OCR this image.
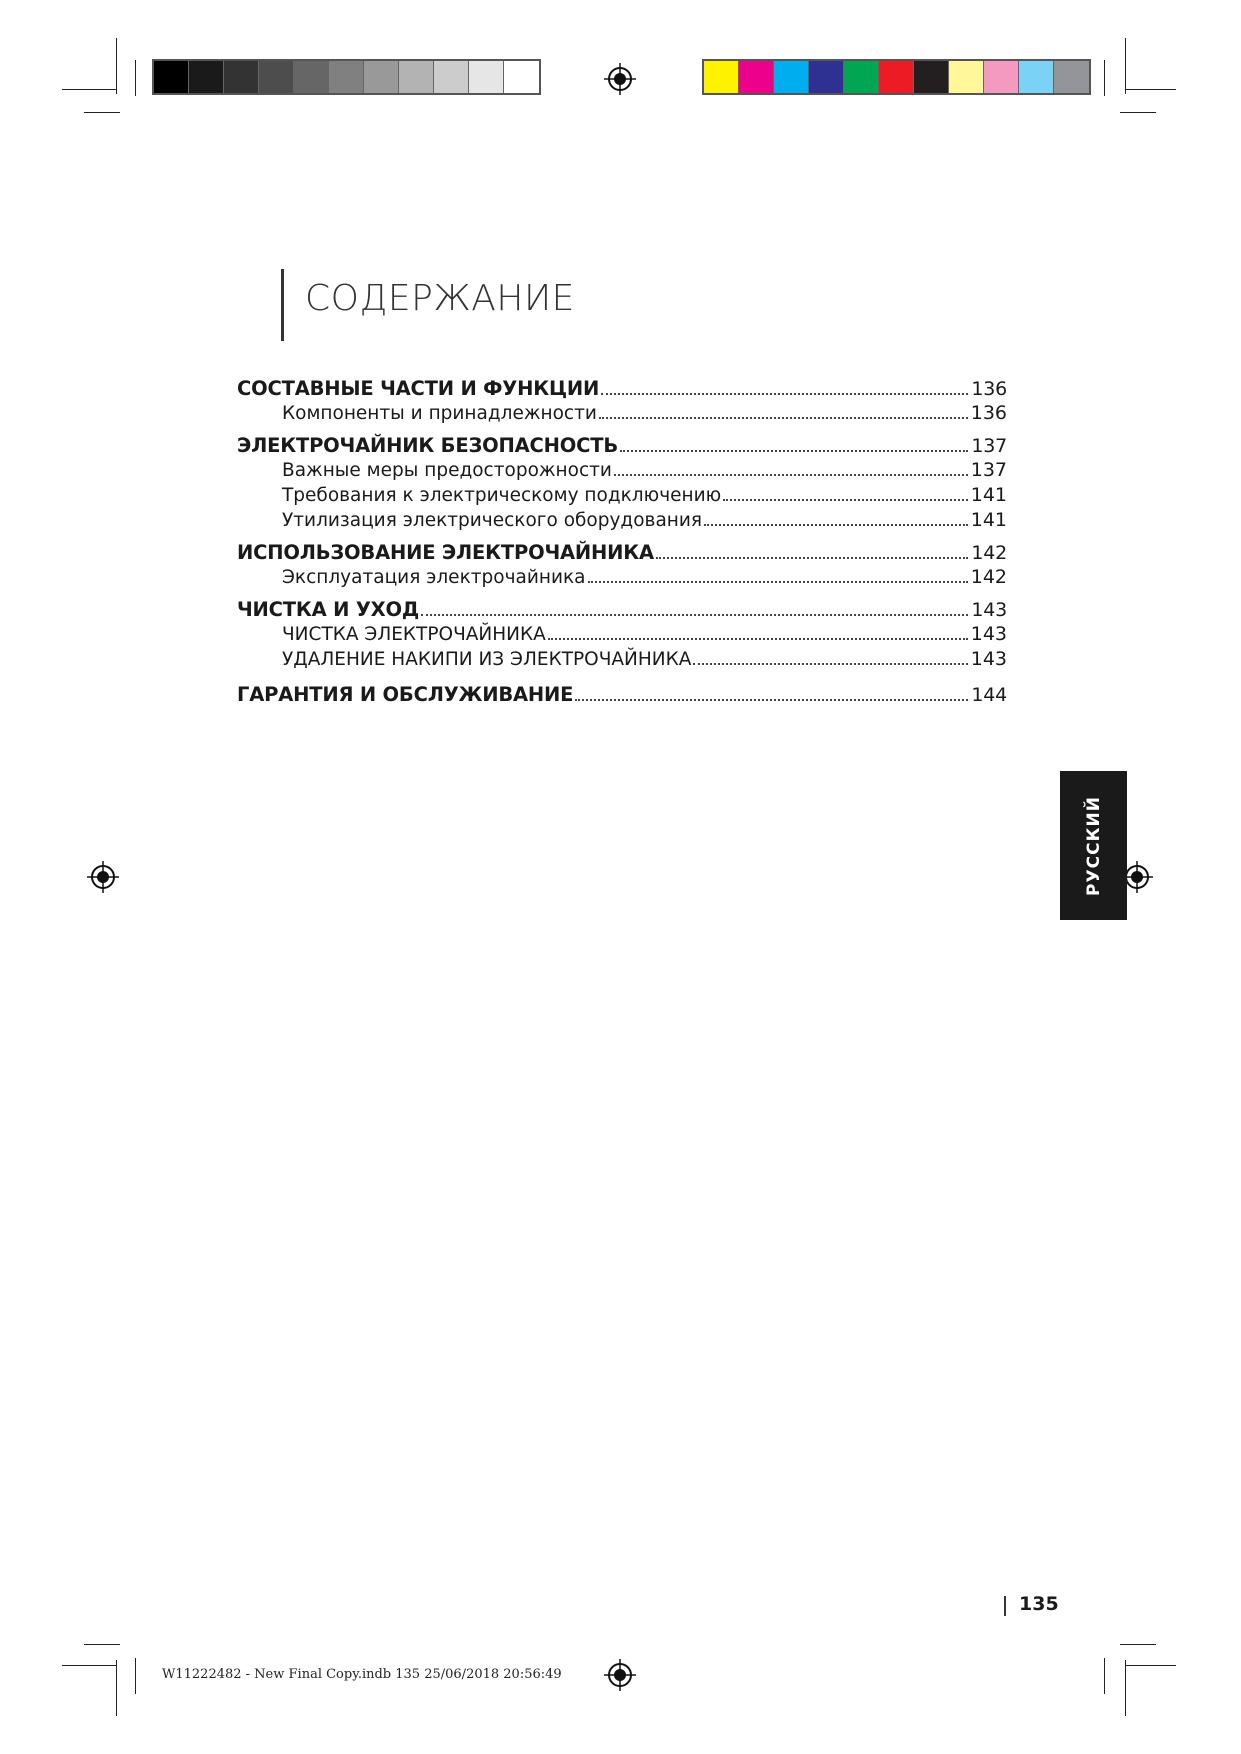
СОДЕРЖАНИЕ
СОСТАВНЫЕ ЧАСТИ И ФУНКЦИИ	136
Компоненты и принадлежности	136
ЭЛЕКТРОЧАЙНИК БЕЗОПАСНОСТЬ	137
Важные меры предосторожности	137
Требования к электрическому подключению	141
Утилизация электрического оборудования	141
ИСПОЛЬЗОВАНИЕ ЭЛЕКТРОЧАЙНИКА	142
Эксплуатация электрочайника	142
ЧИСТКА И УХОД	143
ЧИСТКА ЭЛЕКТРОЧАЙНИКА	143
УДАЛЕНИЕ НАКИПИ ИЗ ЭЛЕКТРОЧАЙНИКА	143
ГАРАНТИЯ И ОБСЛУЖИВАНИЕ	144
РУССКИЙ
135
W11222482 - New Final Copy.indb 135 25/06/2018 20:56:49
